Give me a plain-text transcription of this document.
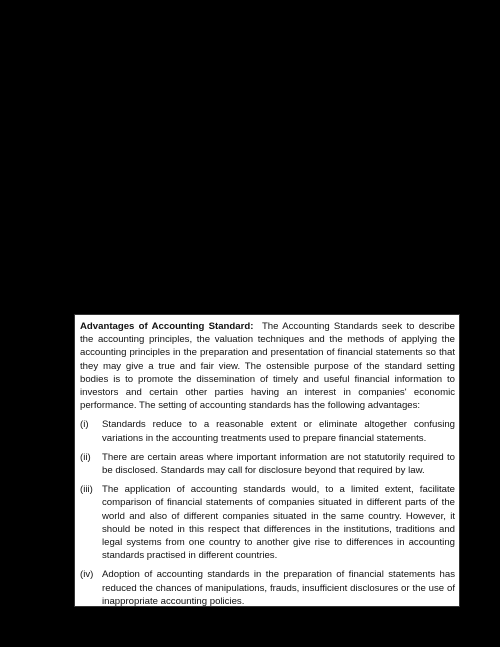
Advantages of Accounting Standard: The Accounting Standards seek to describe the accounting principles, the valuation techniques and the methods of applying the accounting principles in the preparation and presentation of financial statements so that they may give a true and fair view. The ostensible purpose of the standard setting bodies is to promote the dissemination of timely and useful financial information to investors and certain other parties having an interest in companies' economic performance. The setting of accounting standards has the following advantages:

(i)	Standards reduce to a reasonable extent or eliminate altogether confusing variations in the accounting treatments used to prepare financial statements.
(ii)	There are certain areas where important information are not statutorily required to be disclosed. Standards may call for disclosure beyond that required by law.
(iii) The application of accounting standards would, to a limited extent, facilitate comparison of financial statements of companies situated in different parts of the world and also of different companies situated in the same country. However, it should be noted in this respect that differences in the institutions, traditions and legal systems from one country to another give rise to differences in accounting standards practised in different countries.
(iv) Adoption of accounting standards in the preparation of financial statements has reduced the chances of manipulations, frauds, insufficient disclosures or the use of inappropriate accounting policies.
